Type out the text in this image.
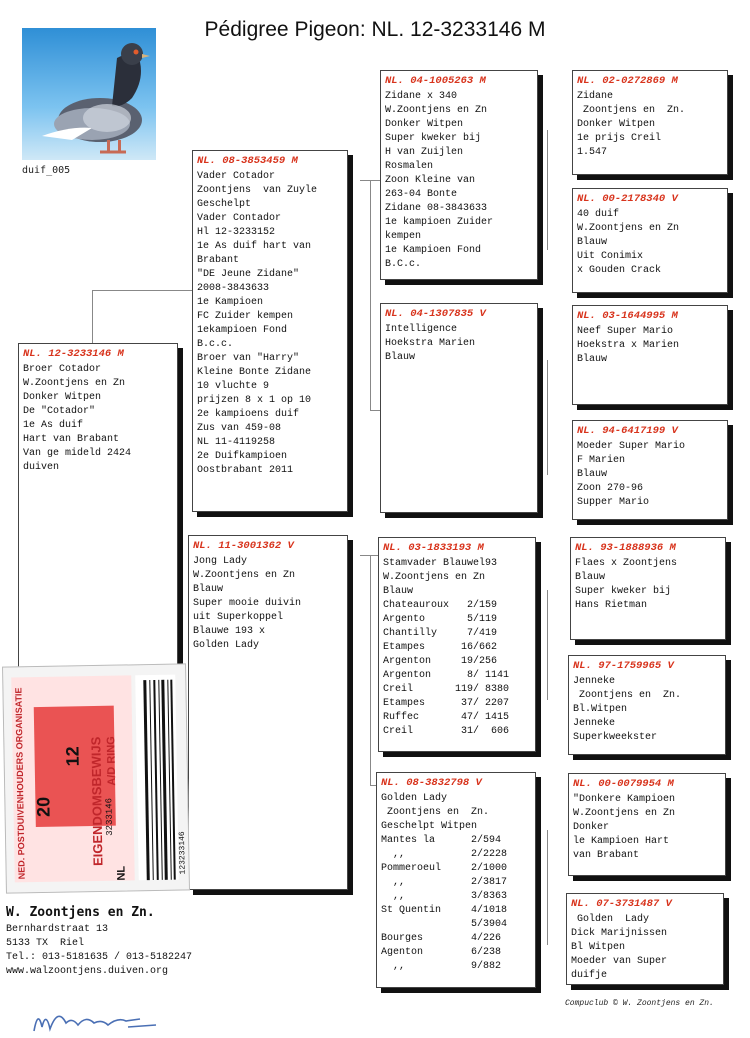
Pédigree Pigeon: NL. 12-3233146 M
duif_005
NL. 12-3233146 M
Broer Cotador
W.Zoontjens en Zn
Donker Witpen
De "Cotador"
1e As duif
Hart van Brabant
Van ge mideld 2424
duiven
NL. 08-3853459 M
Vader Cotador
Zoontjens  van Zuyle
Geschelpt
Vader Contador
Hl 12-3233152
1e As duif hart van
Brabant
"DE Jeune Zidane"
2008-3843633
1e Kampioen
FC Zuider kempen
1ekampioen Fond
B.c.c.
Broer van "Harry"
Kleine Bonte Zidane
10 vluchte 9
prijzen 8 x 1 op 10
2e kampioens duif
Zus van 459-08
NL 11-4119258
2e Duifkampioen
Oostbrabant 2011
NL. 11-3001362 V
Jong Lady
W.Zoontjens en Zn
Blauw
Super mooie duivin
uit Superkoppel
Blauwe 193 x
Golden Lady
NL. 04-1005263 M
Zidane x 340
W.Zoontjens en Zn
Donker Witpen
Super kweker bij
H van Zuijlen
Rosmalen
Zoon Kleine van
263-04 Bonte
Zidane 08-3843633
1e kampioen Zuider
kempen
1e Kampioen Fond
B.C.c.
NL. 04-1307835 V
Intelligence
Hoekstra Marien
Blauw
NL. 03-1833193 M
Stamvader Blauwel93
W.Zoontjens en Zn
Blauw
Chateauroux   2/159
Argento       5/119
Chantilly     7/419
Etampes      16/662
Argenton     19/256
Argenton      8/ 1141
Creil       119/ 8380
Etampes      37/ 2207
Ruffec       47/ 1415
Creil        31/  606
NL. 08-3832798 V
Golden Lady
Zoontjens en  Zn.
Geschelpt Witpen
Mantes la      2/594
,,           2/2228
Pommeroeul     2/1000
,,           2/3817
,,           3/8363
St Quentin     4/1018
5/3904
Bourges        4/226
Agenton        6/238
,,           9/882
NL. 02-0272869 M
Zidane
Zoontjens en  Zn.
Donker Witpen
1e prijs Creil
1.547
NL. 00-2178340 V
40 duif
W.Zoontjens en Zn
Blauw
Uit Conimix
x Gouden Crack
NL. 03-1644995 M
Neef Super Mario
Hoekstra x Marien
Blauw
NL. 94-6417199 V
Moeder Super Mario
F Marien
Blauw
Zoon 270-96
Supper Mario
NL. 93-1888936 M
Flaes x Zoontjens
Blauw
Super kweker bij
Hans Rietman
NL. 97-1759965 V
Jenneke
Zoontjens en  Zn.
Bl.Witpen
Jenneke
Superkweekster
NL. 00-0079954 M
"Donkere Kampioen
W.Zoontjens en Zn
Donker
le Kampioen Hart
van Brabant
NL. 07-3731487 V
Golden  Lady
Dick Marijnissen
Bl Witpen
Moeder van Super
duifje
NED. POSTDUIVENHOUDERS ORGANISATIE	EIGENDOMSBEWIJS A/D RING
20
12
NL
3233146
123233146
W. Zoontjens en Zn.
Bernhardstraat 13
5133 TX  Riel
Tel.: 013-5181635 / 013-5182247
www.walzoontjens.duiven.org
Compuclub © W. Zoontjens en Zn.
